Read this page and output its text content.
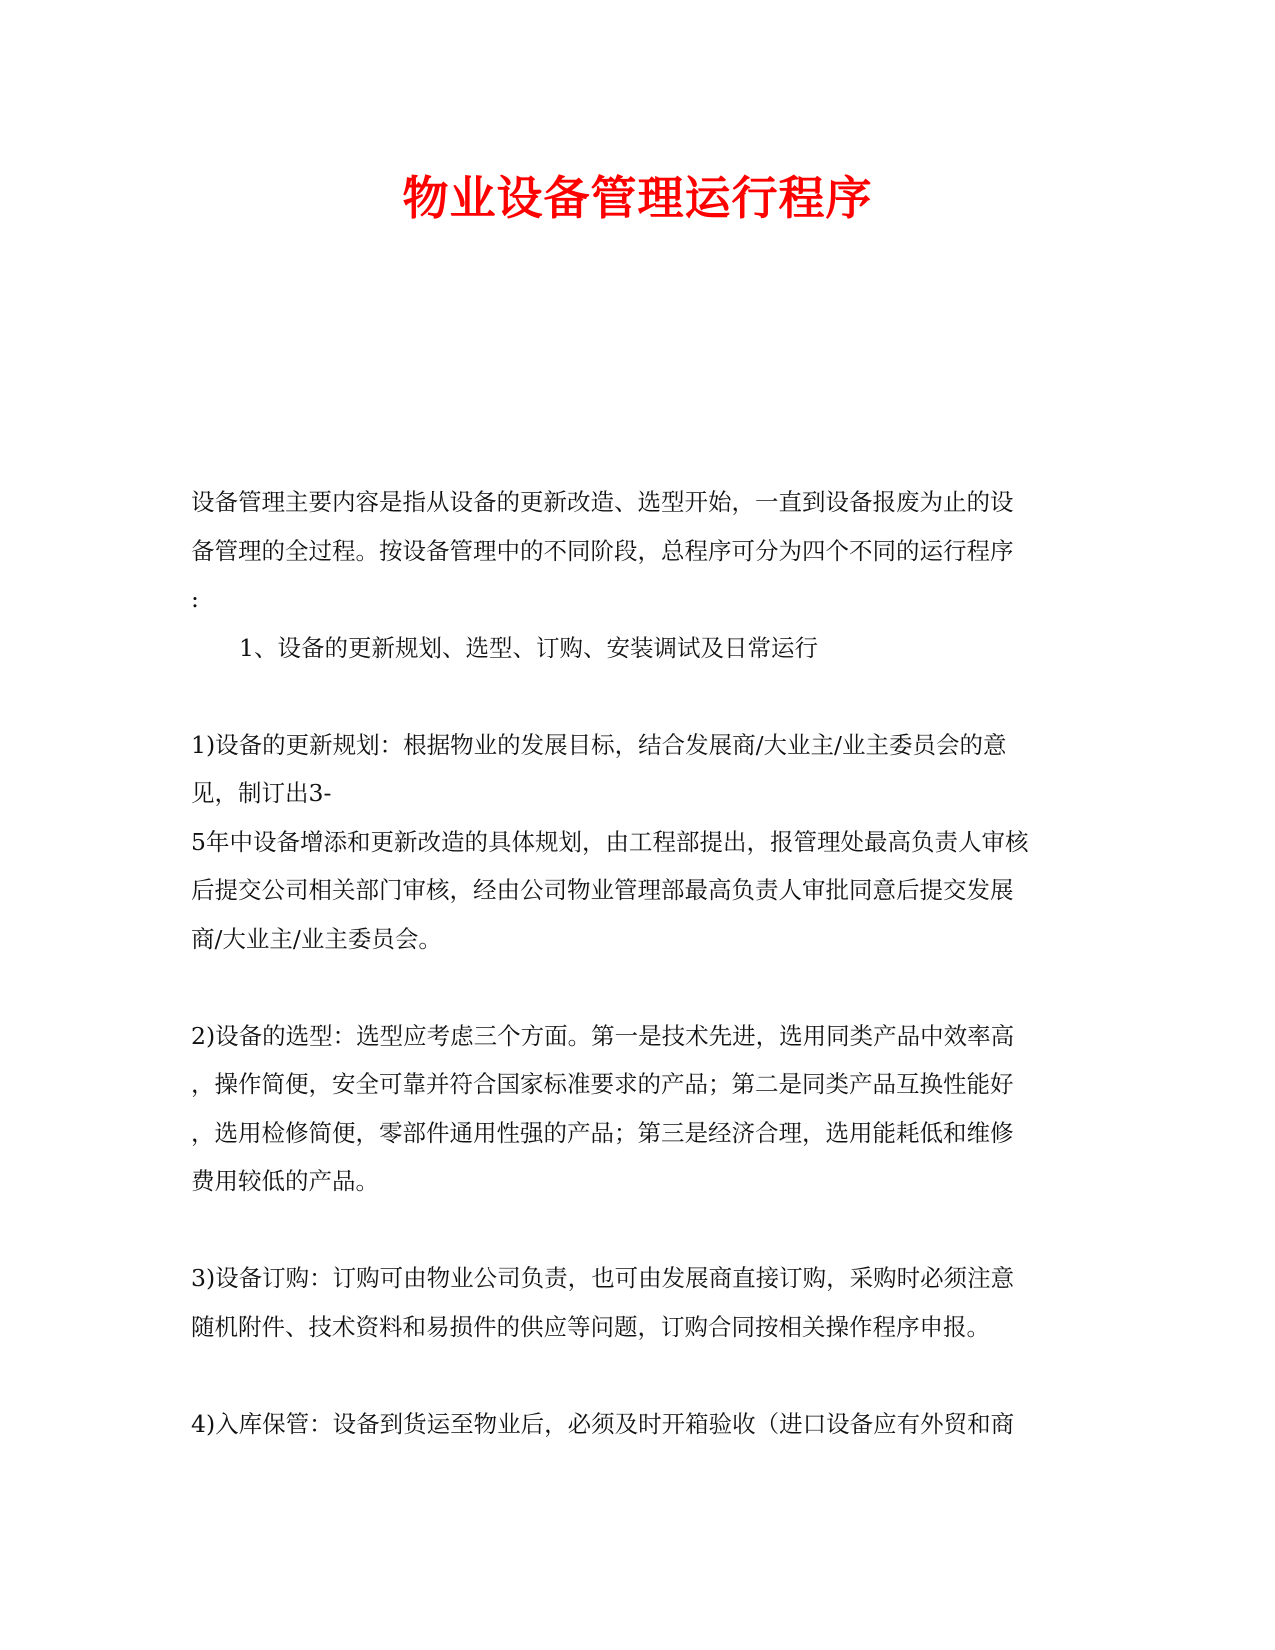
物业设备管理运行程序
设备管理主要内容是指从设备的更新改造、选型开始，一直到设备报废为止的设
备管理的全过程。按设备管理中的不同阶段，总程序可分为四个不同的运行程序
:
1、设备的更新规划、选型、订购、安装调试及日常运行
1)设备的更新规划：根据物业的发展目标，结合发展商/大业主/业主委员会的意
见，制订出3-
5年中设备增添和更新改造的具体规划，由工程部提出，报管理处最高负责人审核
后提交公司相关部门审核，经由公司物业管理部最高负责人审批同意后提交发展
商/大业主/业主委员会。
2)设备的选型：选型应考虑三个方面。第一是技术先进，选用同类产品中效率高
，操作简便，安全可靠并符合国家标准要求的产品；第二是同类产品互换性能好
，选用检修简便，零部件通用性强的产品；第三是经济合理，选用能耗低和维修
费用较低的产品。
3)设备订购：订购可由物业公司负责，也可由发展商直接订购，采购时必须注意
随机附件、技术资料和易损件的供应等问题，订购合同按相关操作程序申报。
4)入库保管：设备到货运至物业后，必须及时开箱验收（进口设备应有外贸和商
